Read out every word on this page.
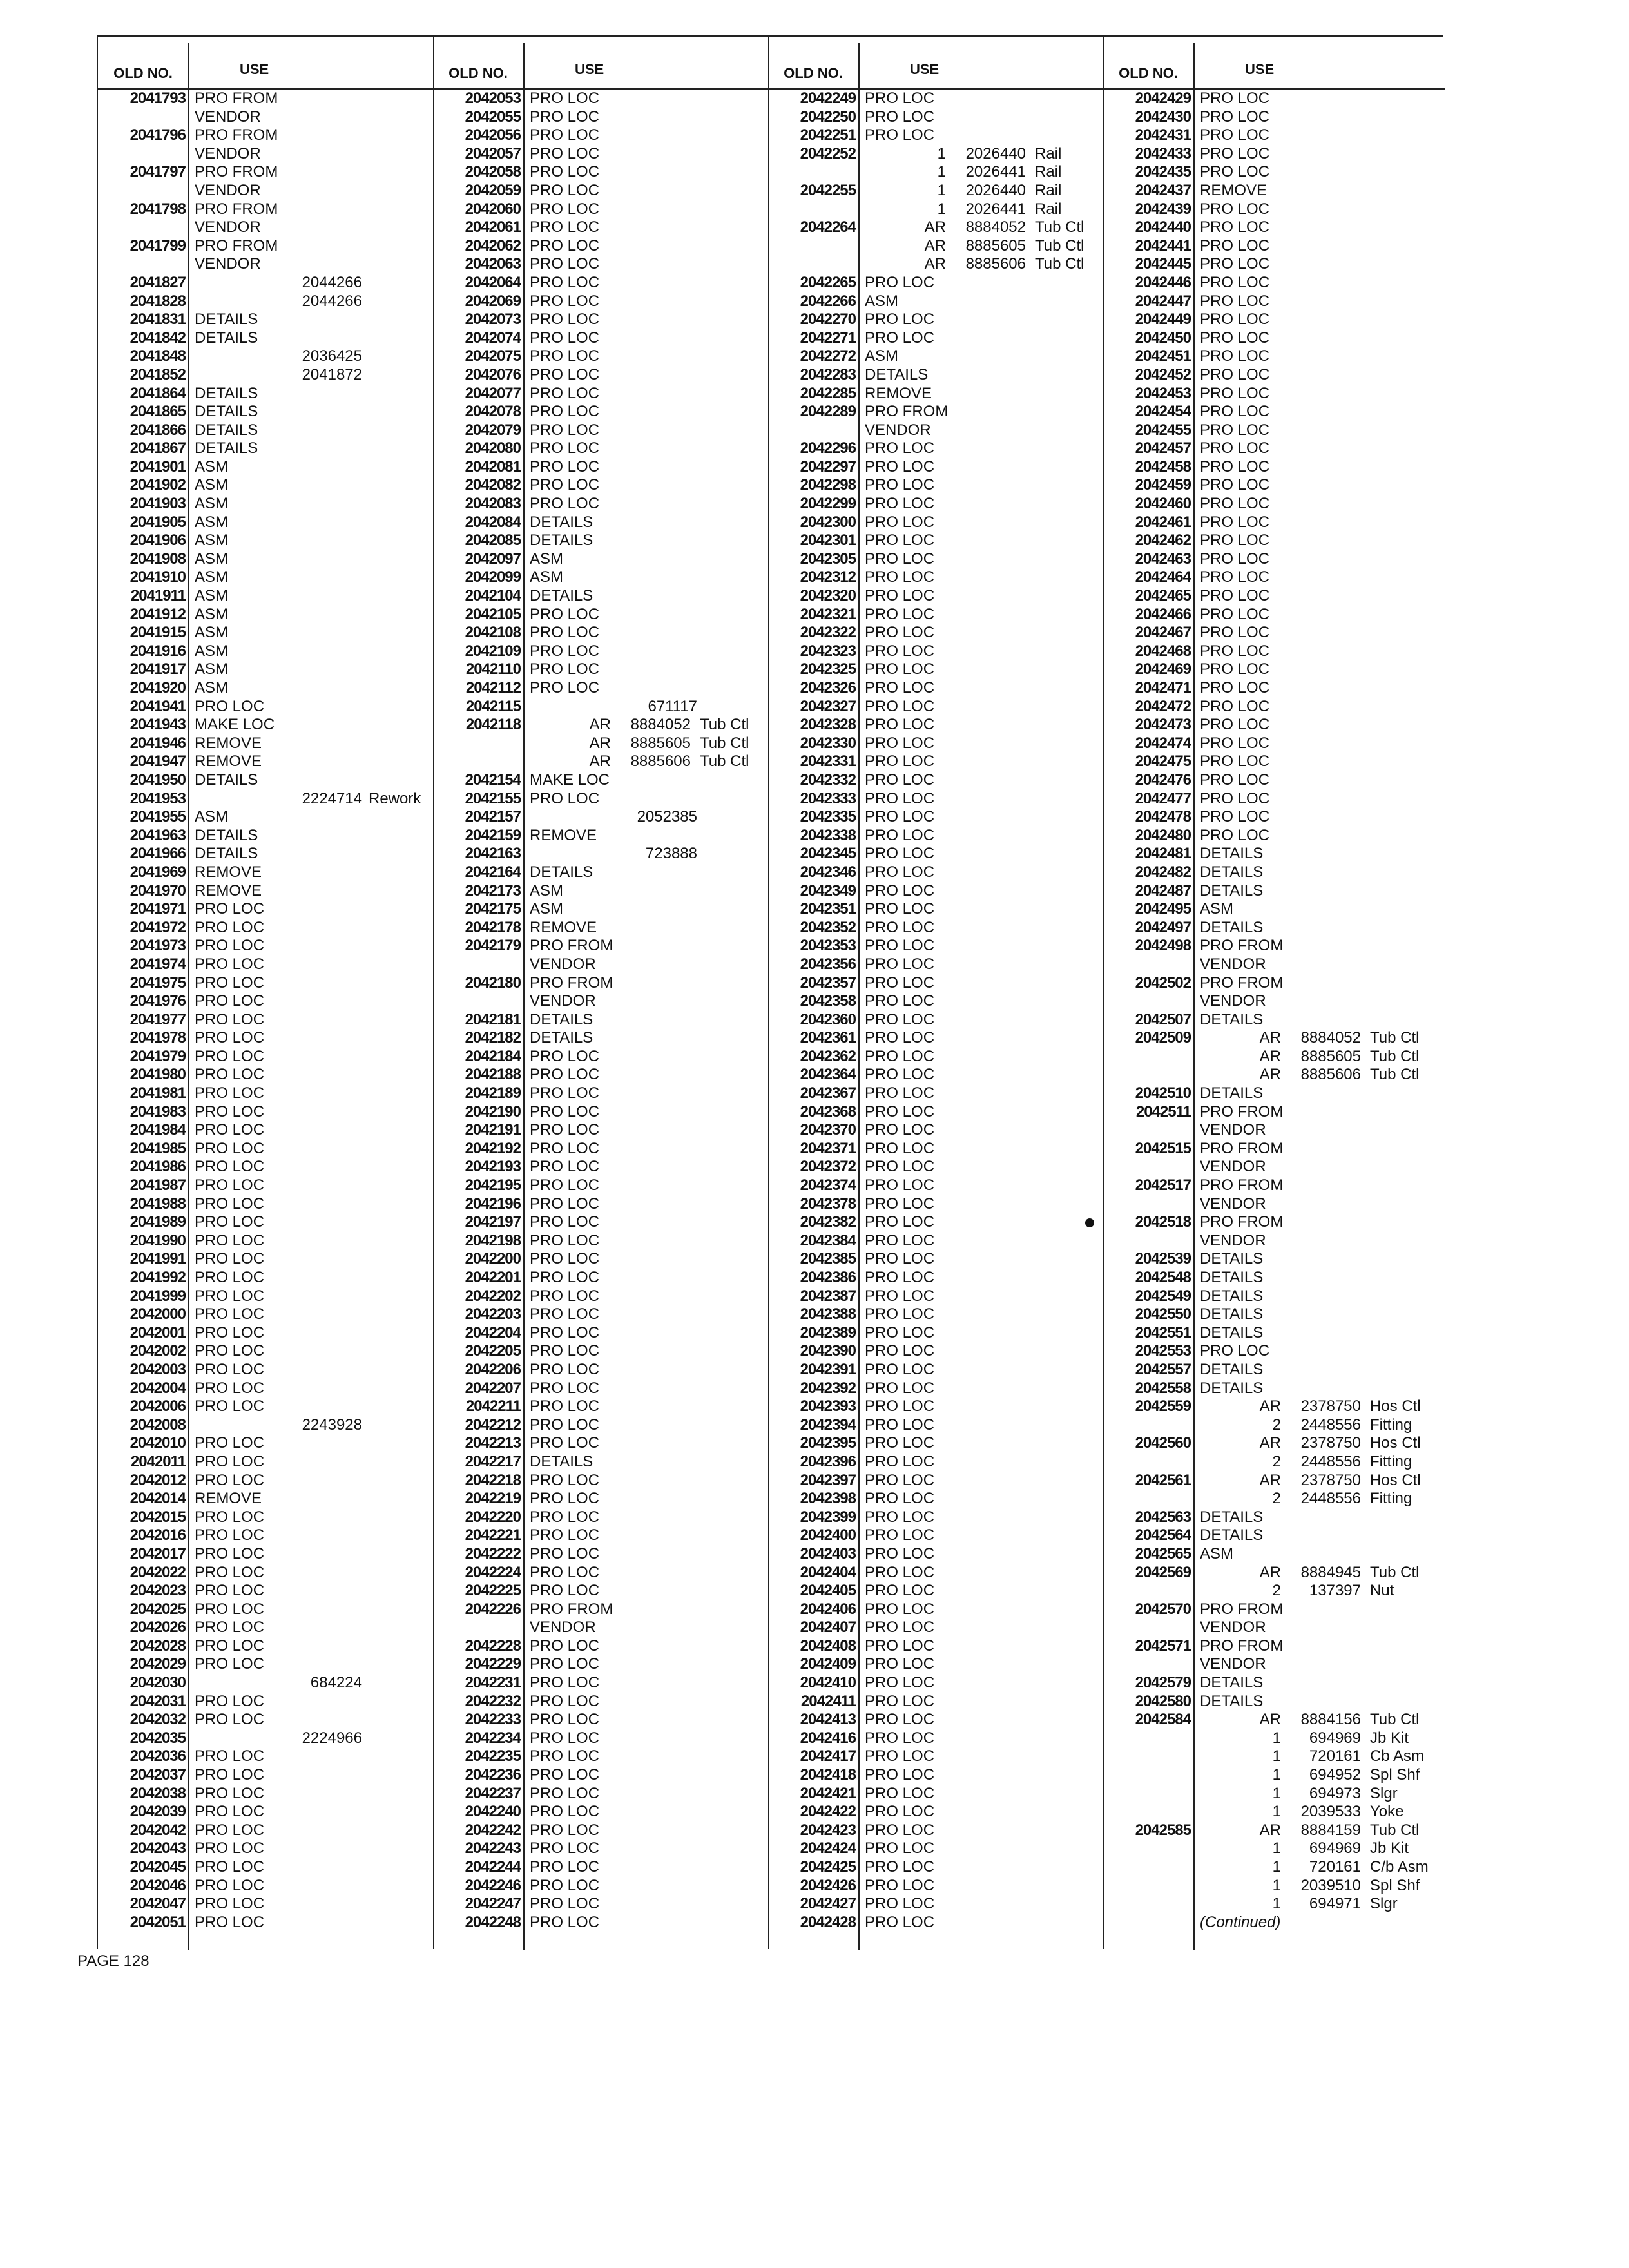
OLD NO.	USE
2041793 PRO FROM
VENDOR
2041796 PRO FROM
VENDOR
2041797 PRO FROM
VENDOR
2041798 PRO FROM
VENDOR
2041799 PRO FROM
VENDOR
2041827	2044266
2041828	2044266
2041831 DETAILS
2041842 DETAILS
2041848	2036425
2041852	2041872
2041864 DETAILS
2041865 DETAILS
2041866 DETAILS
2041867 DETAILS
2041901 ASM
2041902 ASM
2041903 ASM
2041905 ASM
2041906 ASM
2041908 ASM
2041910 ASM
2041911 ASM
2041912 ASM
2041915 ASM
2041916 ASM
2041917 ASM
2041920 ASM
2041941 PRO LOC
2041943 MAKE LOC
2041946 REMOVE
2041947 REMOVE
2041950 DETAILS
2041953	2224714 Rework
2041955 ASM
2041963 DETAILS
2041966 DETAILS
2041969 REMOVE
2041970 REMOVE
2041971 PRO LOC
2041972 PRO LOC
2041973 PRO LOC
2041974 PRO LOC
2041975 PRO LOC
2041976 PRO LOC
2041977 PRO LOC
2041978 PRO LOC
2041979 PRO LOC
2041980 PRO LOC
2041981 PRO LOC
2041983 PRO LOC
2041984 PRO LOC
2041985 PRO LOC
2041986 PRO LOC
2041987 PRO LOC
2041988 PRO LOC
2041989 PRO LOC
2041990 PRO LOC
2041991 PRO LOC
2041992 PRO LOC
2041999 PRO LOC
2042000 PRO LOC
2042001 PRO LOC
2042002 PRO LOC
2042003 PRO LOC
2042004 PRO LOC
2042006 PRO LOC
2042008	2243928
2042010 PRO LOC
2042011 PRO LOC
2042012 PRO LOC
2042014 REMOVE
2042015 PRO LOC
2042016 PRO LOC
2042017 PRO LOC
2042022 PRO LOC
2042023 PRO LOC
2042025 PRO LOC
2042026 PRO LOC
2042028 PRO LOC
2042029 PRO LOC
2042030	684224
2042031 PRO LOC
2042032 PRO LOC
2042035	2224966
2042036 PRO LOC
2042037 PRO LOC
2042038 PRO LOC
2042039 PRO LOC
2042042 PRO LOC
2042043 PRO LOC
2042045 PRO LOC
2042046 PRO LOC
2042047 PRO LOC
2042051 PRO LOC
OLD NO.	USE
2042053 PRO LOC
2042055 PRO LOC
2042056 PRO LOC
2042057 PRO LOC
2042058 PRO LOC
2042059 PRO LOC
2042060 PRO LOC
2042061 PRO LOC
2042062 PRO LOC
2042063 PRO LOC
2042064 PRO LOC
2042069 PRO LOC
2042073 PRO LOC
2042074 PRO LOC
2042075 PRO LOC
2042076 PRO LOC
2042077 PRO LOC
2042078 PRO LOC
2042079 PRO LOC
2042080 PRO LOC
2042081 PRO LOC
2042082 PRO LOC
2042083 PRO LOC
2042084 DETAILS
2042085 DETAILS
2042097 ASM
2042099 ASM
2042104 DETAILS
2042105 PRO LOC
2042108 PRO LOC
2042109 PRO LOC
2042110 PRO LOC
2042112 PRO LOC
2042115	671117
2042118	AR	8884052 Tub Ctl
AR	8885605 Tub Ctl
AR	8885606 Tub Ctl
2042154 MAKE LOC
2042155 PRO LOC
2042157	2052385
2042159 REMOVE
2042163	723888
2042164 DETAILS
2042173 ASM
2042175 ASM
2042178 REMOVE
2042179 PRO FROM
VENDOR
2042180 PRO FROM
VENDOR
2042181 DETAILS
2042182 DETAILS
2042184 PRO LOC
2042188 PRO LOC
2042189 PRO LOC
2042190 PRO LOC
2042191 PRO LOC
2042192 PRO LOC
2042193 PRO LOC
2042195 PRO LOC
2042196 PRO LOC
2042197 PRO LOC
2042198 PRO LOC
2042200 PRO LOC
2042201 PRO LOC
2042202 PRO LOC
2042203 PRO LOC
2042204 PRO LOC
2042205 PRO LOC
2042206 PRO LOC
2042207 PRO LOC
2042211 PRO LOC
2042212 PRO LOC
2042213 PRO LOC
2042217 DETAILS
2042218 PRO LOC
2042219 PRO LOC
2042220 PRO LOC
2042221 PRO LOC
2042222 PRO LOC
2042224 PRO LOC
2042225 PRO LOC
2042226 PRO FROM
VENDOR
2042228 PRO LOC
2042229 PRO LOC
2042231 PRO LOC
2042232 PRO LOC
2042233 PRO LOC
2042234 PRO LOC
2042235 PRO LOC
2042236 PRO LOC
2042237 PRO LOC
2042240 PRO LOC
2042242 PRO LOC
2042243 PRO LOC
2042244 PRO LOC
2042246 PRO LOC
2042247 PRO LOC
2042248 PRO LOC
OLD NO.	USE
2042249 PRO LOC
2042250 PRO LOC
2042251 PRO LOC
2042252	1	2026440 Rail
1	2026441 Rail
2042255	1	2026440 Rail
1	2026441 Rail
2042264	AR	8884052 Tub Ctl
AR	8885605 Tub Ctl
AR	8885606 Tub Ctl
2042265 PRO LOC
2042266 ASM
2042270 PRO LOC
2042271 PRO LOC
2042272 ASM
2042283 DETAILS
2042285 REMOVE
2042289 PRO FROM
VENDOR
2042296 PRO LOC
2042297 PRO LOC
2042298 PRO LOC
2042299 PRO LOC
2042300 PRO LOC
2042301 PRO LOC
2042305 PRO LOC
2042312 PRO LOC
2042320 PRO LOC
2042321 PRO LOC
2042322 PRO LOC
2042323 PRO LOC
2042325 PRO LOC
2042326 PRO LOC
2042327 PRO LOC
2042328 PRO LOC
2042330 PRO LOC
2042331 PRO LOC
2042332 PRO LOC
2042333 PRO LOC
2042335 PRO LOC
2042338 PRO LOC
2042345 PRO LOC
2042346 PRO LOC
2042349 PRO LOC
2042351 PRO LOC
2042352 PRO LOC
2042353 PRO LOC
2042356 PRO LOC
2042357 PRO LOC
2042358 PRO LOC
2042360 PRO LOC
2042361 PRO LOC
2042362 PRO LOC
2042364 PRO LOC
2042367 PRO LOC
2042368 PRO LOC
2042370 PRO LOC
2042371 PRO LOC
2042372 PRO LOC
2042374 PRO LOC
2042378 PRO LOC
2042382 PRO LOC
2042384 PRO LOC
2042385 PRO LOC
2042386 PRO LOC
2042387 PRO LOC
2042388 PRO LOC
2042389 PRO LOC
2042390 PRO LOC
2042391 PRO LOC
2042392 PRO LOC
2042393 PRO LOC
2042394 PRO LOC
2042395 PRO LOC
2042396 PRO LOC
2042397 PRO LOC
2042398 PRO LOC
2042399 PRO LOC
2042400 PRO LOC
2042403 PRO LOC
2042404 PRO LOC
2042405 PRO LOC
2042406 PRO LOC
2042407 PRO LOC
2042408 PRO LOC
2042409 PRO LOC
2042410 PRO LOC
2042411 PRO LOC
2042413 PRO LOC
2042416 PRO LOC
2042417 PRO LOC
2042418 PRO LOC
2042421 PRO LOC
2042422 PRO LOC
2042423 PRO LOC
2042424 PRO LOC
2042425 PRO LOC
2042426 PRO LOC
2042427 PRO LOC
2042428 PRO LOC
OLD NO.	USE
2042429 PRO LOC
2042430 PRO LOC
2042431 PRO LOC
2042433 PRO LOC
2042435 PRO LOC
2042437 REMOVE
2042439 PRO LOC
2042440 PRO LOC
2042441 PRO LOC
2042445 PRO LOC
2042446 PRO LOC
2042447 PRO LOC
2042449 PRO LOC
2042450 PRO LOC
2042451 PRO LOC
2042452 PRO LOC
2042453 PRO LOC
2042454 PRO LOC
2042455 PRO LOC
2042457 PRO LOC
2042458 PRO LOC
2042459 PRO LOC
2042460 PRO LOC
2042461 PRO LOC
2042462 PRO LOC
2042463 PRO LOC
2042464 PRO LOC
2042465 PRO LOC
2042466 PRO LOC
2042467 PRO LOC
2042468 PRO LOC
2042469 PRO LOC
2042471 PRO LOC
2042472 PRO LOC
2042473 PRO LOC
2042474 PRO LOC
2042475 PRO LOC
2042476 PRO LOC
2042477 PRO LOC
2042478 PRO LOC
2042480 PRO LOC
2042481 DETAILS
2042482 DETAILS
2042487 DETAILS
2042495 ASM
2042497 DETAILS
2042498 PRO FROM
VENDOR
2042502 PRO FROM
VENDOR
2042507 DETAILS
2042509	AR	8884052 Tub Ctl
AR	8885605 Tub Ctl
AR	8885606 Tub Ctl
2042510 DETAILS
2042511 PRO FROM
VENDOR
2042515 PRO FROM
VENDOR
2042517 PRO FROM
VENDOR
2042518 PRO FROM
VENDOR
2042539 DETAILS
2042548 DETAILS
2042549 DETAILS
2042550 DETAILS
2042551 DETAILS
2042553 PRO LOC
2042557 DETAILS
2042558 DETAILS
2042559	AR	2378750 Hos Ctl
2	2448556 Fitting
2042560	AR	2378750 Hos Ctl
2	2448556 Fitting
2042561	AR	2378750 Hos Ctl
2	2448556 Fitting
2042563 DETAILS
2042564 DETAILS
2042565 ASM
2042569	AR	8884945 Tub Ctl
2	137397 Nut
2042570 PRO FROM
VENDOR
2042571 PRO FROM
VENDOR
2042579 DETAILS
2042580 DETAILS
2042584	AR	8884156 Tub Ctl
1	694969 Jb Kit
1	720161 Cb Asm
1	694952 Spl Shf
1	694973 Slgr
1	2039533 Yoke
2042585	AR	8884159 Tub Ctl
1	694969 Jb Kit
1	720161 C/b Asm
1	2039510 Spl Shf
1	694971 Slgr
(Continued)
PAGE 128
